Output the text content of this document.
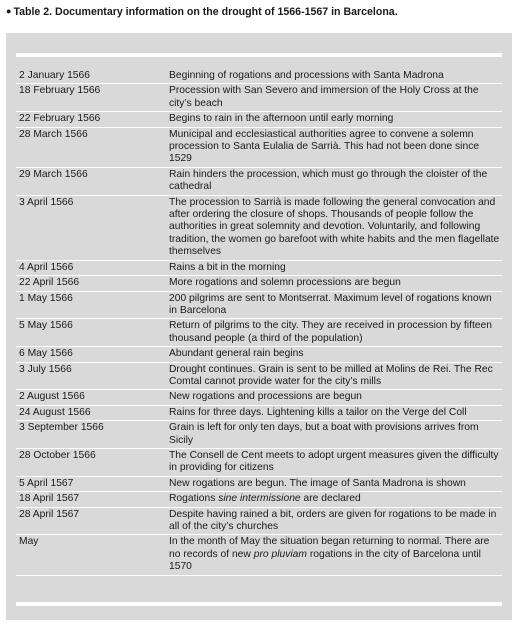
● Table 2. Documentary information on the drought of 1566-1567 in Barcelona.
2 January 1566	Beginning of rogations and processions with Santa Madrona
18 February 1566	Procession with San Severo and immersion of the Holy Cross at the city’s beach
22 February 1566	Begins to rain in the afternoon until early morning
28 March 1566	Municipal and ecclesiastical authorities agree to convene a solemn procession to Santa Eulalia de Sarrià. This had not been done since 1529
29 March 1566	Rain hinders the procession, which must go through the cloister of the cathedral
3 April 1566	The procession to Sarrià is made following the general convocation and after ordering the closure of shops. Thousands of people follow the authorities in great solemnity and devotion. Voluntarily, and following tradition, the women go barefoot with white habits and the men flagellate themselves
4 April 1566	Rains a bit in the morning
22 April 1566	More rogations and solemn processions are begun
1 May 1566	200 pilgrims are sent to Montserrat. Maximum level of rogations known in Barcelona
5 May 1566	Return of pilgrims to the city. They are received in procession by fifteen thousand people (a third of the population)
6 May 1566	Abundant general rain begins
3 July 1566	Drought continues. Grain is sent to be milled at Molins de Rei. The Rec Comtal cannot provide water for the city’s mills
2 August 1566	New rogations and processions are begun
24 August 1566	Rains for three days. Lightening kills a tailor on the Verge del Coll
3 September 1566	Grain is left for only ten days, but a boat with provisions arrives from Sicily
28 October 1566	The Consell de Cent meets to adopt urgent measures given the difficulty in providing for citizens
5 April 1567	New rogations are begun. The image of Santa Madrona is shown
18 April 1567	Rogations sine intermissione are declared
28 April 1567	Despite having rained a bit, orders are given for rogations to be made in all of the city’s churches
May	In the month of May the situation began returning to normal. There are no records of new pro pluviam rogations in the city of Barcelona until 1570
